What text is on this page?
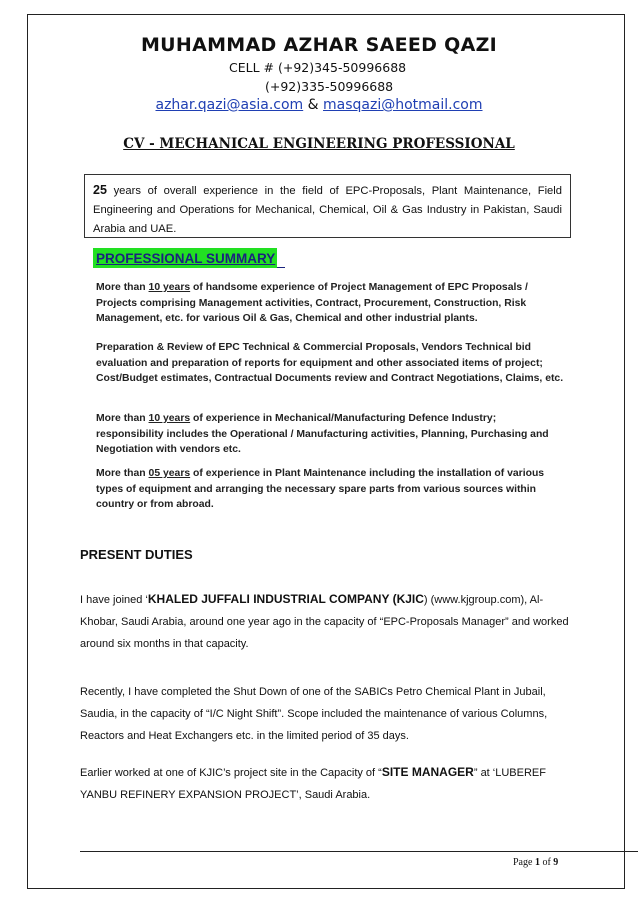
MUHAMMAD AZHAR SAEED QAZI
CELL # (+92)345-50996688
(+92)335-50996688
azhar.qazi@asia.com & masqazi@hotmail.com
CV - MECHANICAL ENGINEERING PROFESSIONAL
25 years of overall experience in the field of EPC-Proposals, Plant Maintenance, Field Engineering and Operations for Mechanical, Chemical, Oil & Gas Industry in Pakistan, Saudi Arabia and UAE.
PROFESSIONAL SUMMARY
More than 10 years of handsome experience of Project Management of EPC Proposals / Projects comprising Management activities, Contract, Procurement, Construction, Risk Management, etc. for various Oil & Gas, Chemical and other industrial plants.
Preparation & Review of EPC Technical & Commercial Proposals, Vendors Technical bid evaluation and preparation of reports for equipment and other associated items of project; Cost/Budget estimates, Contractual Documents review and Contract Negotiations, Claims, etc.
More than 10 years of experience in Mechanical/Manufacturing Defence Industry; responsibility includes the Operational / Manufacturing activities, Planning, Purchasing and Negotiation with vendors etc.
More than 05 years of experience in Plant Maintenance including the installation of various types of equipment and arranging the necessary spare parts from various sources within country or from abroad.
PRESENT DUTIES
I have joined ‘KHALED JUFFALI INDUSTRIAL COMPANY (KJIC) (www.kjgroup.com), Al-Khobar, Saudi Arabia, around one year ago in the capacity of “EPC-Proposals Manager” and worked around six months in that capacity.
Recently, I have completed the Shut Down of one of the SABICs Petro Chemical Plant in Jubail, Saudia, in the capacity of “I/C Night Shift”. Scope included the maintenance of various Columns, Reactors and Heat Exchangers etc. in the limited period of 35 days.
Earlier worked at one of KJIC’s project site in the Capacity of “SITE MANAGER” at ‘LUBEREF YANBU REFINERY EXPANSION PROJECT’, Saudi Arabia.
Page 1 of 9
